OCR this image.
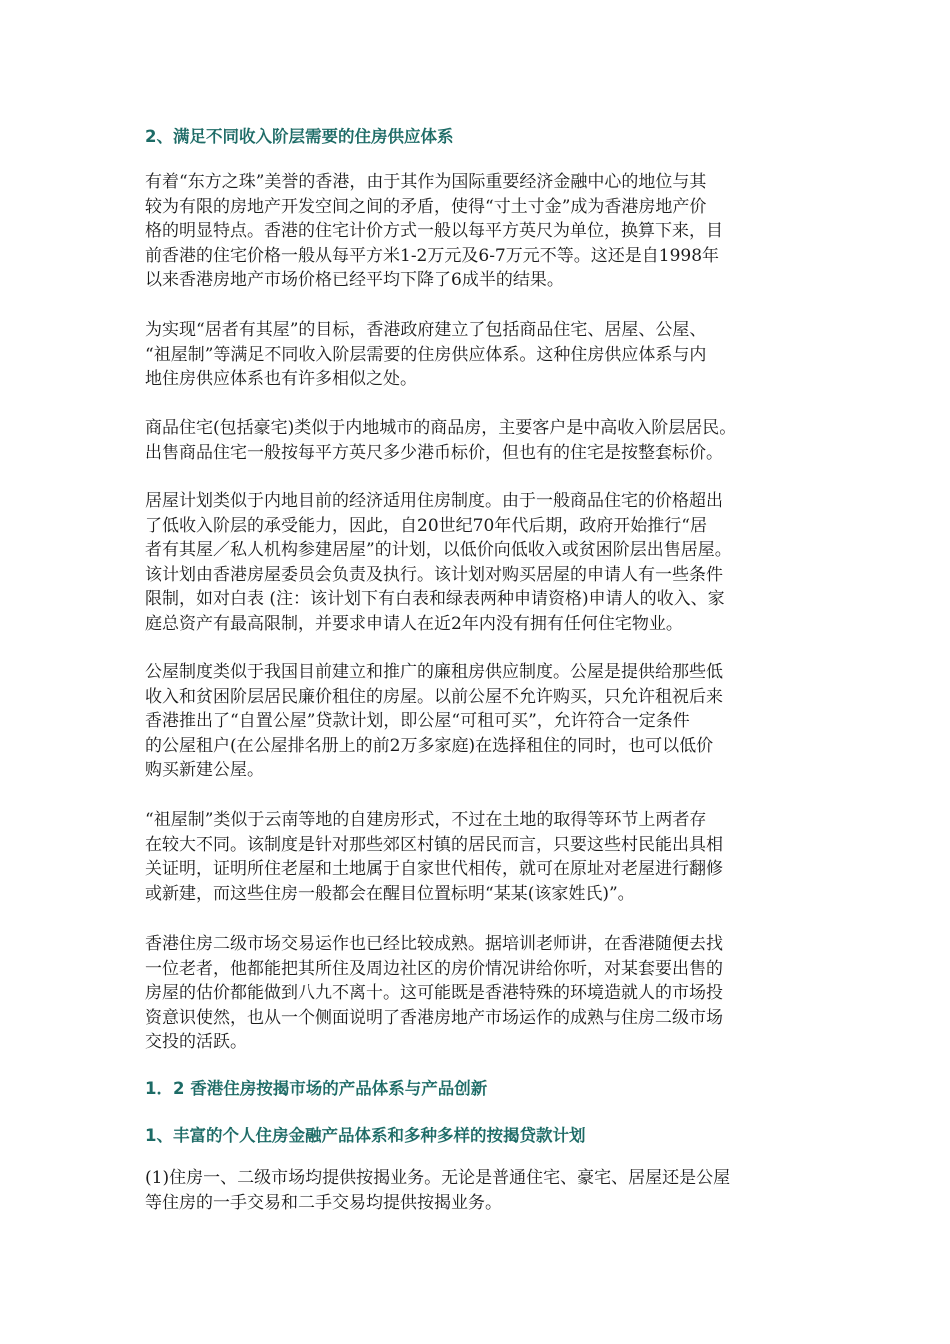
2、满足不同收入阶层需要的住房供应体系
有着“东方之珠”美誉的香港，由于其作为国际重要经济金融中心的地位与其
较为有限的房地产开发空间之间的矛盾，使得“寸土寸金”成为香港房地产价
格的明显特点。香港的住宅计价方式一般以每平方英尺为单位，换算下来，目
前香港的住宅价格一般从每平方米1-2万元及6-7万元不等。这还是自1998年
以来香港房地产市场价格已经平均下降了6成半的结果。
为实现“居者有其屋”的目标，香港政府建立了包括商品住宅、居屋、公屋、
“祖屋制”等满足不同收入阶层需要的住房供应体系。这种住房供应体系与内
地住房供应体系也有许多相似之处。
商品住宅(包括豪宅)类似于内地城市的商品房，主要客户是中高收入阶层居民。
出售商品住宅一般按每平方英尺多少港币标价，但也有的住宅是按整套标价。
居屋计划类似于内地目前的经济适用住房制度。由于一般商品住宅的价格超出
了低收入阶层的承受能力，因此，自20世纪70年代后期，政府开始推行“居
者有其屋／私人机构参建居屋”的计划，以低价向低收入或贫困阶层出售居屋。
该计划由香港房屋委员会负责及执行。该计划对购买居屋的申请人有一些条件
限制，如对白表 (注：该计划下有白表和绿表两种申请资格)申请人的收入、家
庭总资产有最高限制，并要求申请人在近2年内没有拥有任何住宅物业。
公屋制度类似于我国目前建立和推广的廉租房供应制度。公屋是提供给那些低
收入和贫困阶层居民廉价租住的房屋。以前公屋不允许购买，只允许租祝后来
香港推出了“自置公屋”贷款计划，即公屋“可租可买”，允许符合一定条件
的公屋租户(在公屋排名册上的前2万多家庭)在选择租住的同时，也可以低价
购买新建公屋。
“祖屋制”类似于云南等地的自建房形式，不过在土地的取得等环节上两者存
在较大不同。该制度是针对那些郊区村镇的居民而言，只要这些村民能出具相
关证明，证明所住老屋和土地属于自家世代相传，就可在原址对老屋进行翻修
或新建，而这些住房一般都会在醒目位置标明“某某(该家姓氏)”。
香港住房二级市场交易运作也已经比较成熟。据培训老师讲，在香港随便去找
一位老者，他都能把其所住及周边社区的房价情况讲给你听，对某套要出售的
房屋的估价都能做到八九不离十。这可能既是香港特殊的环境造就人的市场投
资意识使然，也从一个侧面说明了香港房地产市场运作的成熟与住房二级市场
交投的活跃。
1．2 香港住房按揭市场的产品体系与产品创新
1、丰富的个人住房金融产品体系和多种多样的按揭贷款计划
(1)住房一、二级市场均提供按揭业务。无论是普通住宅、豪宅、居屋还是公屋
等住房的一手交易和二手交易均提供按揭业务。
